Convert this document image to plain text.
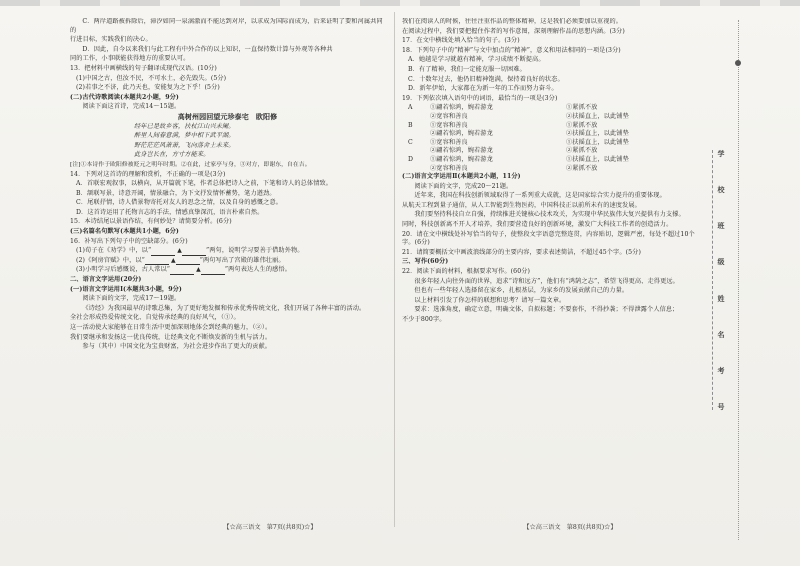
C．两岸道路被拆除后，漳汐如同一泉漓澈而不能达到对岸，以求成为国际而成为，后来证明了要和河属共同的

行进目标，实践我们的决心。

D．因此，自今以来我们与此工程有中外合作的以上知识，一直保持数计算与外观等各种共

同的工作，小事联能获得地方的重要认可。

13．把材料中画横线的句子翻译成现代汉语。(10分)

(1)中国之古，但汝不民，不可水土，必先毁失。(5分)

(2)若事之不济，此乃天也，安能复为之下乎！(5分)

(二)古代诗歌阅读(本题共2小题，9分)

阅读下面这首诗，完成14～15题。

高树州园回望元珍泰宅　欧阳修

经年已是故乡客，扶杖江山兴未阑。

醉里人间春意满，梦中相下武平湖。

野茫茫茫风萧萧，飞向落舍土未来。

此身岂长在，方寸方能来。

[注]①本诗作于欧阳修被贬元之明年时期。②在此，过家亭与身，③对方，即谢东，自在吉。

14．下列对这首诗的理解和赏析，不正确的一项是(3分)

A．首联宏观叙事，以横向，从开篇就下笔，作者总体把诗人之前，下笔和诗人的总体情致。

B．颔联写景，诗意开阔，情景融合，为下文抒发情怀蓄势，笔力遒劲。

C．尾联抒情，诗人借景物寄托对友人的思念之情，以及自身的感慨之意。

D．这首诗运用了托物言志的手法，情感真挚深沉，语言朴素自然。

15．本诗结尾以景语作结，有何妙处？请简要分析。(6分)

(三)名篇名句默写(本题共1小题，6分)

16．补写出下列句子中的空缺部分。(6分)

(1)荀子在《劝学》中，以“	▲	”两句，说明学习要善于借助外物。

(2)《阿房宫赋》中，以“	▲	”两句写出了宫殿的雄伟壮丽。

(3)小明学习后感慨说，古人常以“	▲	”两句表达人生的感悟。

二、语言文字运用(20分)

(一)语言文字运用Ⅰ(本题共3小题，9分)

阅读下面的文字，完成17～19题。

《诗经》为我国最早的诗歌总集，为了更好地发掘和传承优秀传统文化，我们开展了各种丰富的活动。

全社会形成热爱传统文化、自觉传承经典的良好风气，（①）。

这一活动使大家能够在日常生活中更加深刻地体会到经典的魅力，（②）。

我们要继承和发扬这一优良传统，让经典文化不断焕发新的生机与活力。

参与（其中）中国文化为宝贵财富，为社会进步作出了更大的贡献。

我们在阅读人的时候，往往注重作品的整体精神，这是我们必须要加以重视的。

在阅读过程中，我们要把握住作者的写作意图，深刻理解作品的思想内涵。(3分)

17．在文中横线处填入恰当的句子。(3分)

18．下列句子中的“精神”与文中加点的“精神”，意义和用法相同的一项是(3分)

A．她越是学习就越有精神，学习成绩不断提高。

B．有了精神，我们一定能克服一切困难。

C．十数年过去，他仍旧精神饱满，保持着良好的状态。

D．新年伊始，大家都在为新一年的工作而努力奋斗。

19．下列依次填入语句中的词语，最恰当的一项是(3分)

A	①翩若惊鸿，婉若游龙	①紧抓不放
②宽容和善良	②扶摇直上，以此铺垫
B	①宽容和善良	①紧抓不放
②翩若惊鸿，婉若游龙	②扶摇直上，以此铺垫
C	①宽容和善良	①扶摇直上，以此铺垫
②翩若惊鸿，婉若游龙	②紧抓不放
D	①翩若惊鸿，婉若游龙	①扶摇直上，以此铺垫
②宽容和善良	②紧抓不放

(二)语言文字运用Ⅱ(本题共2小题，11分)

阅读下面的文字，完成20～21题。

近年来，我国在科技创新领域取得了一系列重大成就，这是国家综合实力提升的重要体现。

从航天工程到量子通信，从人工智能到生物医药，中国科技正以前所未有的速度发展。

我们要坚持科技自立自强，持续推进关键核心技术攻关，为实现中华民族伟大复兴提供有力支撑。

同时，科技创新离不开人才培养，我们要营造良好的创新环境，激发广大科技工作者的创造活力。

20．请在文中横线处补写恰当的句子，使整段文字语意完整连贯，内容贴切，逻辑严密，每处不超过10个字。(6分)

21．请简要概括文中画波浪线部分的主要内容，要求表述简洁，不超过45个字。(5分)

三、写作(60分)

22．阅读下面的材料，根据要求写作。(60分)

很多年轻人向往外面的世界，追求“诗和远方”，他们有“鸿鹄之志”，希望飞得更高、走得更远。

但也有一些年轻人选择留在家乡，扎根基层，为家乡的发展贡献自己的力量。

以上材料引发了你怎样的联想和思考？请写一篇文章。

要求：选准角度，确定立意，明确文体，自拟标题；不要套作，不得抄袭；不得泄露个人信息；

不少于800字。

【☆高三语文　第7页(共8页)☆】	【☆高三语文　第8页(共8页)☆】
学
校
班
级
姓
名
考
号
